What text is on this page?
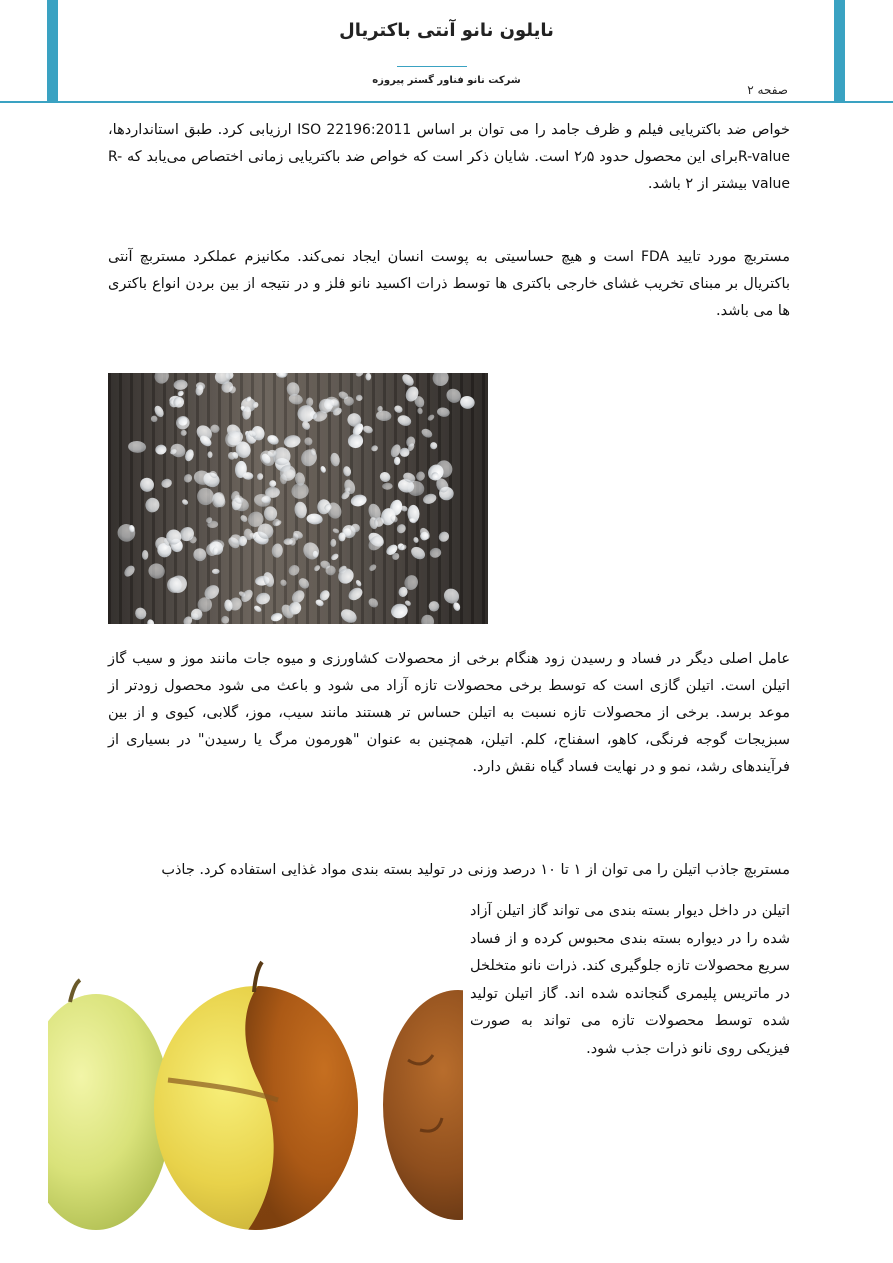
نایلون نانو آنتی باکتریال
شرکت نانو فناور گستر پیروزه
صفحه ۲
خواص ضد باکتریایی فیلم و ظرف جامد را می توان بر اساس ISO 22196:2011 ارزیابی کرد. طبق استانداردها، R-valueبرای این محصول حدود ۲٫۵ است. شایان ذکر است که خواص ضد باکتریایی زمانی اختصاص می‌یابد که R-value بیشتر از ۲ باشد.
مستربچ مورد تایید FDA است و هیچ حساسیتی به پوست انسان ایجاد نمی‌کند. مکانیزم عملکرد مستربچ آنتی باکتریال بر مبنای تخریب غشای خارجی باکتری ها توسط ذرات اکسید نانو فلز و در نتیجه از بین بردن انواع باکتری ها می باشد.
عامل اصلی دیگر در فساد و رسیدن زود هنگام برخی از محصولات کشاورزی و میوه جات مانند موز و سیب گاز اتیلن است. اتیلن گازی است که توسط برخی محصولات تازه آزاد می شود و باعث می شود محصول زودتر از موعد برسد. برخی از محصولات تازه نسبت به اتیلن حساس تر هستند مانند سیب، موز، گلابی، کیوی و از بین سبزیجات گوجه فرنگی، کاهو، اسفناج، کلم. اتیلن، همچنین به عنوان "هورمون مرگ یا رسیدن" در بسیاری از فرآیندهای رشد، نمو و در نهایت فساد گیاه نقش دارد.
مستربچ جاذب اتیلن را می توان از ۱ تا ۱۰ درصد وزنی در تولید بسته بندی مواد غذایی استفاده کرد. جاذب
اتیلن در داخل دیوار بسته بندی می تواند گاز اتیلن آزاد شده را در دیواره بسته بندی محبوس کرده و از فساد سریع محصولات تازه جلوگیری کند. ذرات نانو متخلخل در ماتریس پلیمری گنجانده شده اند. گاز اتیلن تولید شده توسط محصولات تازه می تواند به صورت فیزیکی روی نانو ذرات جذب شود.
